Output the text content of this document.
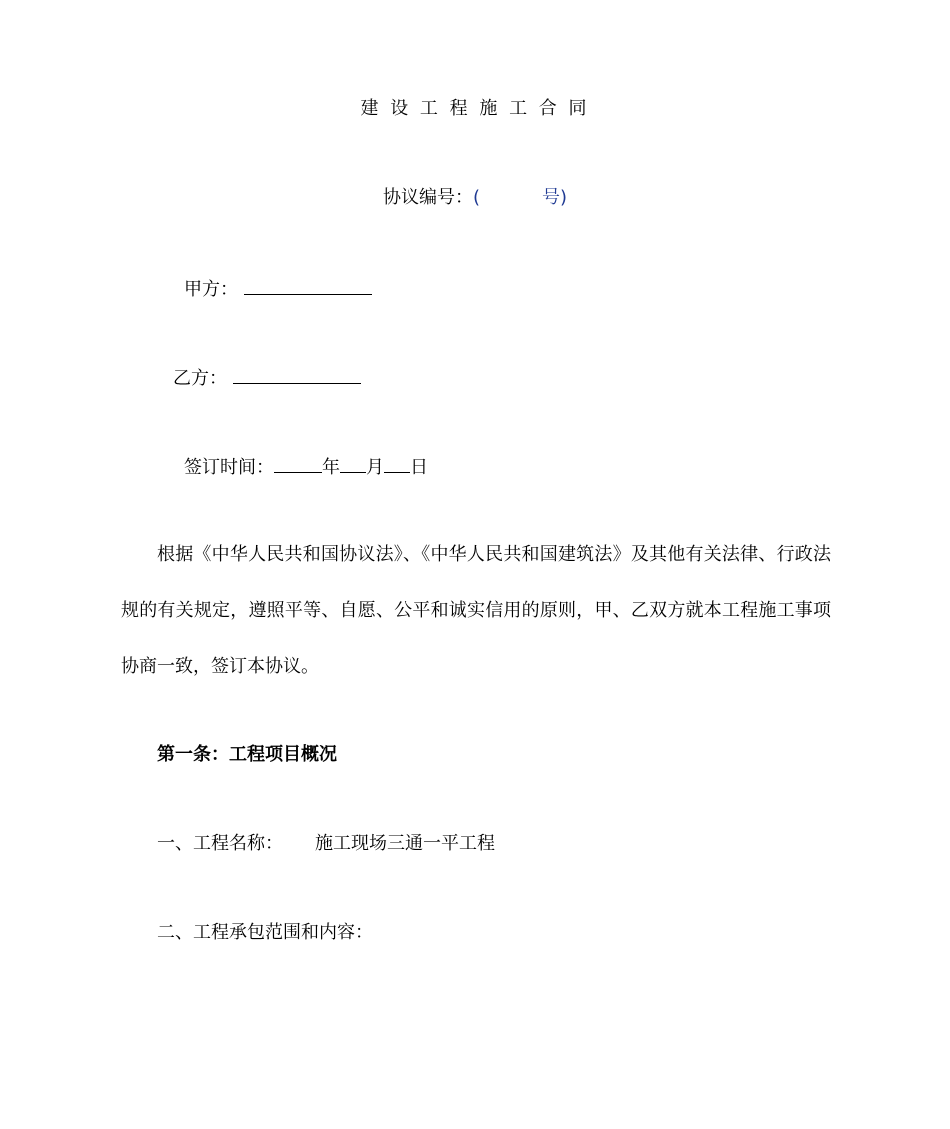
建 设 工 程 施 工 合 同
协议编号：(	号)
甲方：
乙方：
签订时间：	年 月 日
根据《中华人民共和国协议法》、《中华人民共和国建筑法》及其他有关法律、行政法规的有关规定，遵照平等、自愿、公平和诚实信用的原则，甲、乙双方就本工程施工事项协商一致，签订本协议。
第一条：工程项目概况
一、工程名称： 施工现场三通一平工程
二、工程承包范围和内容：
